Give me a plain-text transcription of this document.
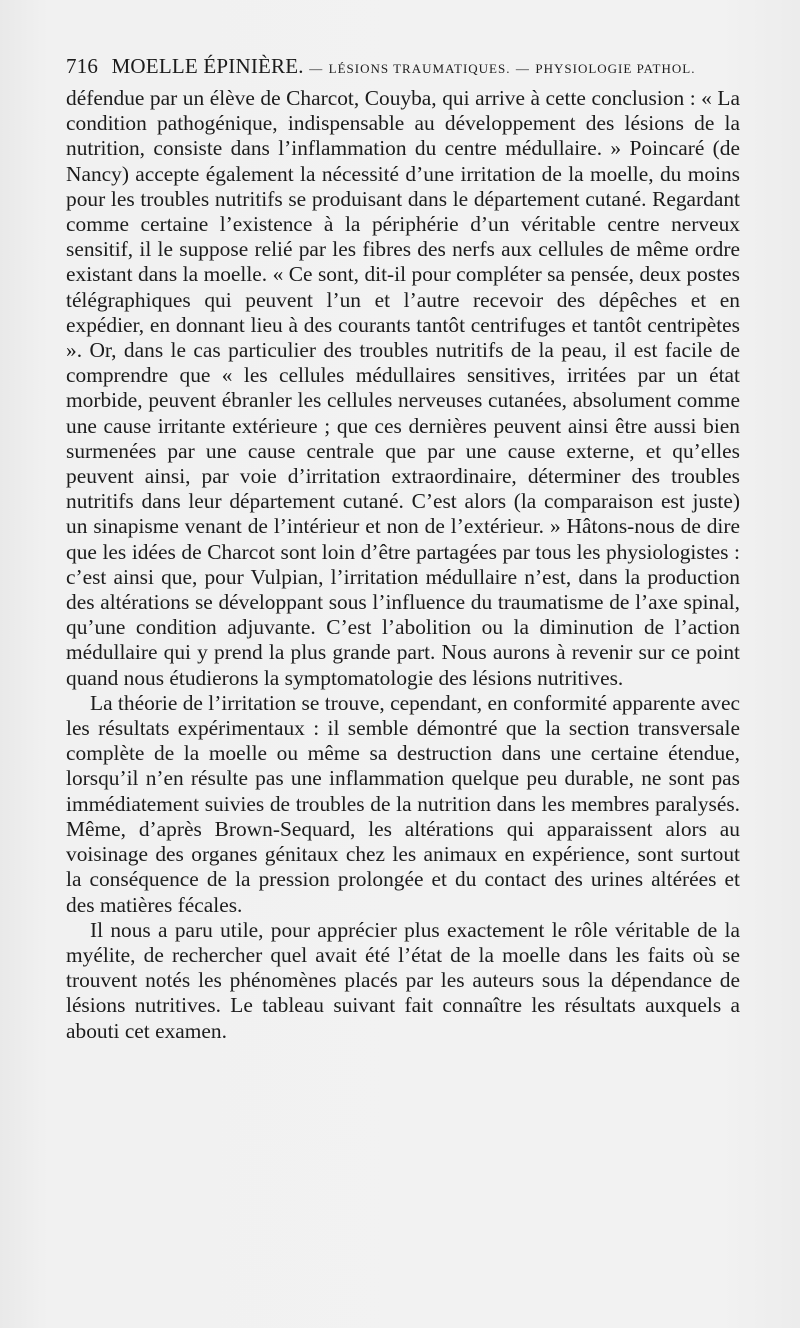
716 MOELLE ÉPINIÈRE. — LÉSIONS TRAUMATIQUES. — PHYSIOLOGIE PATHOL.

défendue par un élève de Charcot, Couyba, qui arrive à cette conclusion : « La condition pathogénique, indispensable au développement des lésions de la nutrition, consiste dans l’inflammation du centre médullaire. » Poincaré (de Nancy) accepte également la nécessité d’une irritation de la moelle, du moins pour les troubles nutritifs se produisant dans le département cutané. Regardant comme certaine l’existence à la périphérie d’un véritable centre nerveux sensitif, il le suppose relié par les fibres des nerfs aux cellules de même ordre existant dans la moelle. « Ce sont, dit-il pour compléter sa pensée, deux postes télégraphiques qui peuvent l’un et l’autre recevoir des dépêches et en expédier, en donnant lieu à des courants tantôt centrifuges et tantôt centripètes ». Or, dans le cas particulier des troubles nutritifs de la peau, il est facile de comprendre que « les cellules médullaires sensitives, irritées par un état morbide, peuvent ébranler les cellules nerveuses cutanées, absolument comme une cause irritante extérieure ; que ces dernières peuvent ainsi être aussi bien surmenées par une cause centrale que par une cause externe, et qu’elles peuvent ainsi, par voie d’irritation extraordinaire, déterminer des troubles nutritifs dans leur département cutané. C’est alors (la comparaison est juste) un sinapisme venant de l’intérieur et non de l’extérieur. » Hâtons-nous de dire que les idées de Charcot sont loin d’être partagées par tous les physiologistes : c’est ainsi que, pour Vulpian, l’irritation médullaire n’est, dans la production des altérations se développant sous l’influence du traumatisme de l’axe spinal, qu’une condition adjuvante. C’est l’abolition ou la diminution de l’action médullaire qui y prend la plus grande part. Nous aurons à revenir sur ce point quand nous étudierons la symptomatologie des lésions nutritives.

La théorie de l’irritation se trouve, cependant, en conformité apparente avec les résultats expérimentaux : il semble démontré que la section transversale complète de la moelle ou même sa destruction dans une certaine étendue, lorsqu’il n’en résulte pas une inflammation quelque peu durable, ne sont pas immédiatement suivies de troubles de la nutrition dans les membres paralysés. Même, d’après Brown-Sequard, les altérations qui apparaissent alors au voisinage des organes génitaux chez les animaux en expérience, sont surtout la conséquence de la pression prolongée et du contact des urines altérées et des matières fécales.

Il nous a paru utile, pour apprécier plus exactement le rôle véritable de la myélite, de rechercher quel avait été l’état de la moelle dans les faits où se trouvent notés les phénomènes placés par les auteurs sous la dépendance de lésions nutritives. Le tableau suivant fait connaître les résultats auxquels a abouti cet examen.
